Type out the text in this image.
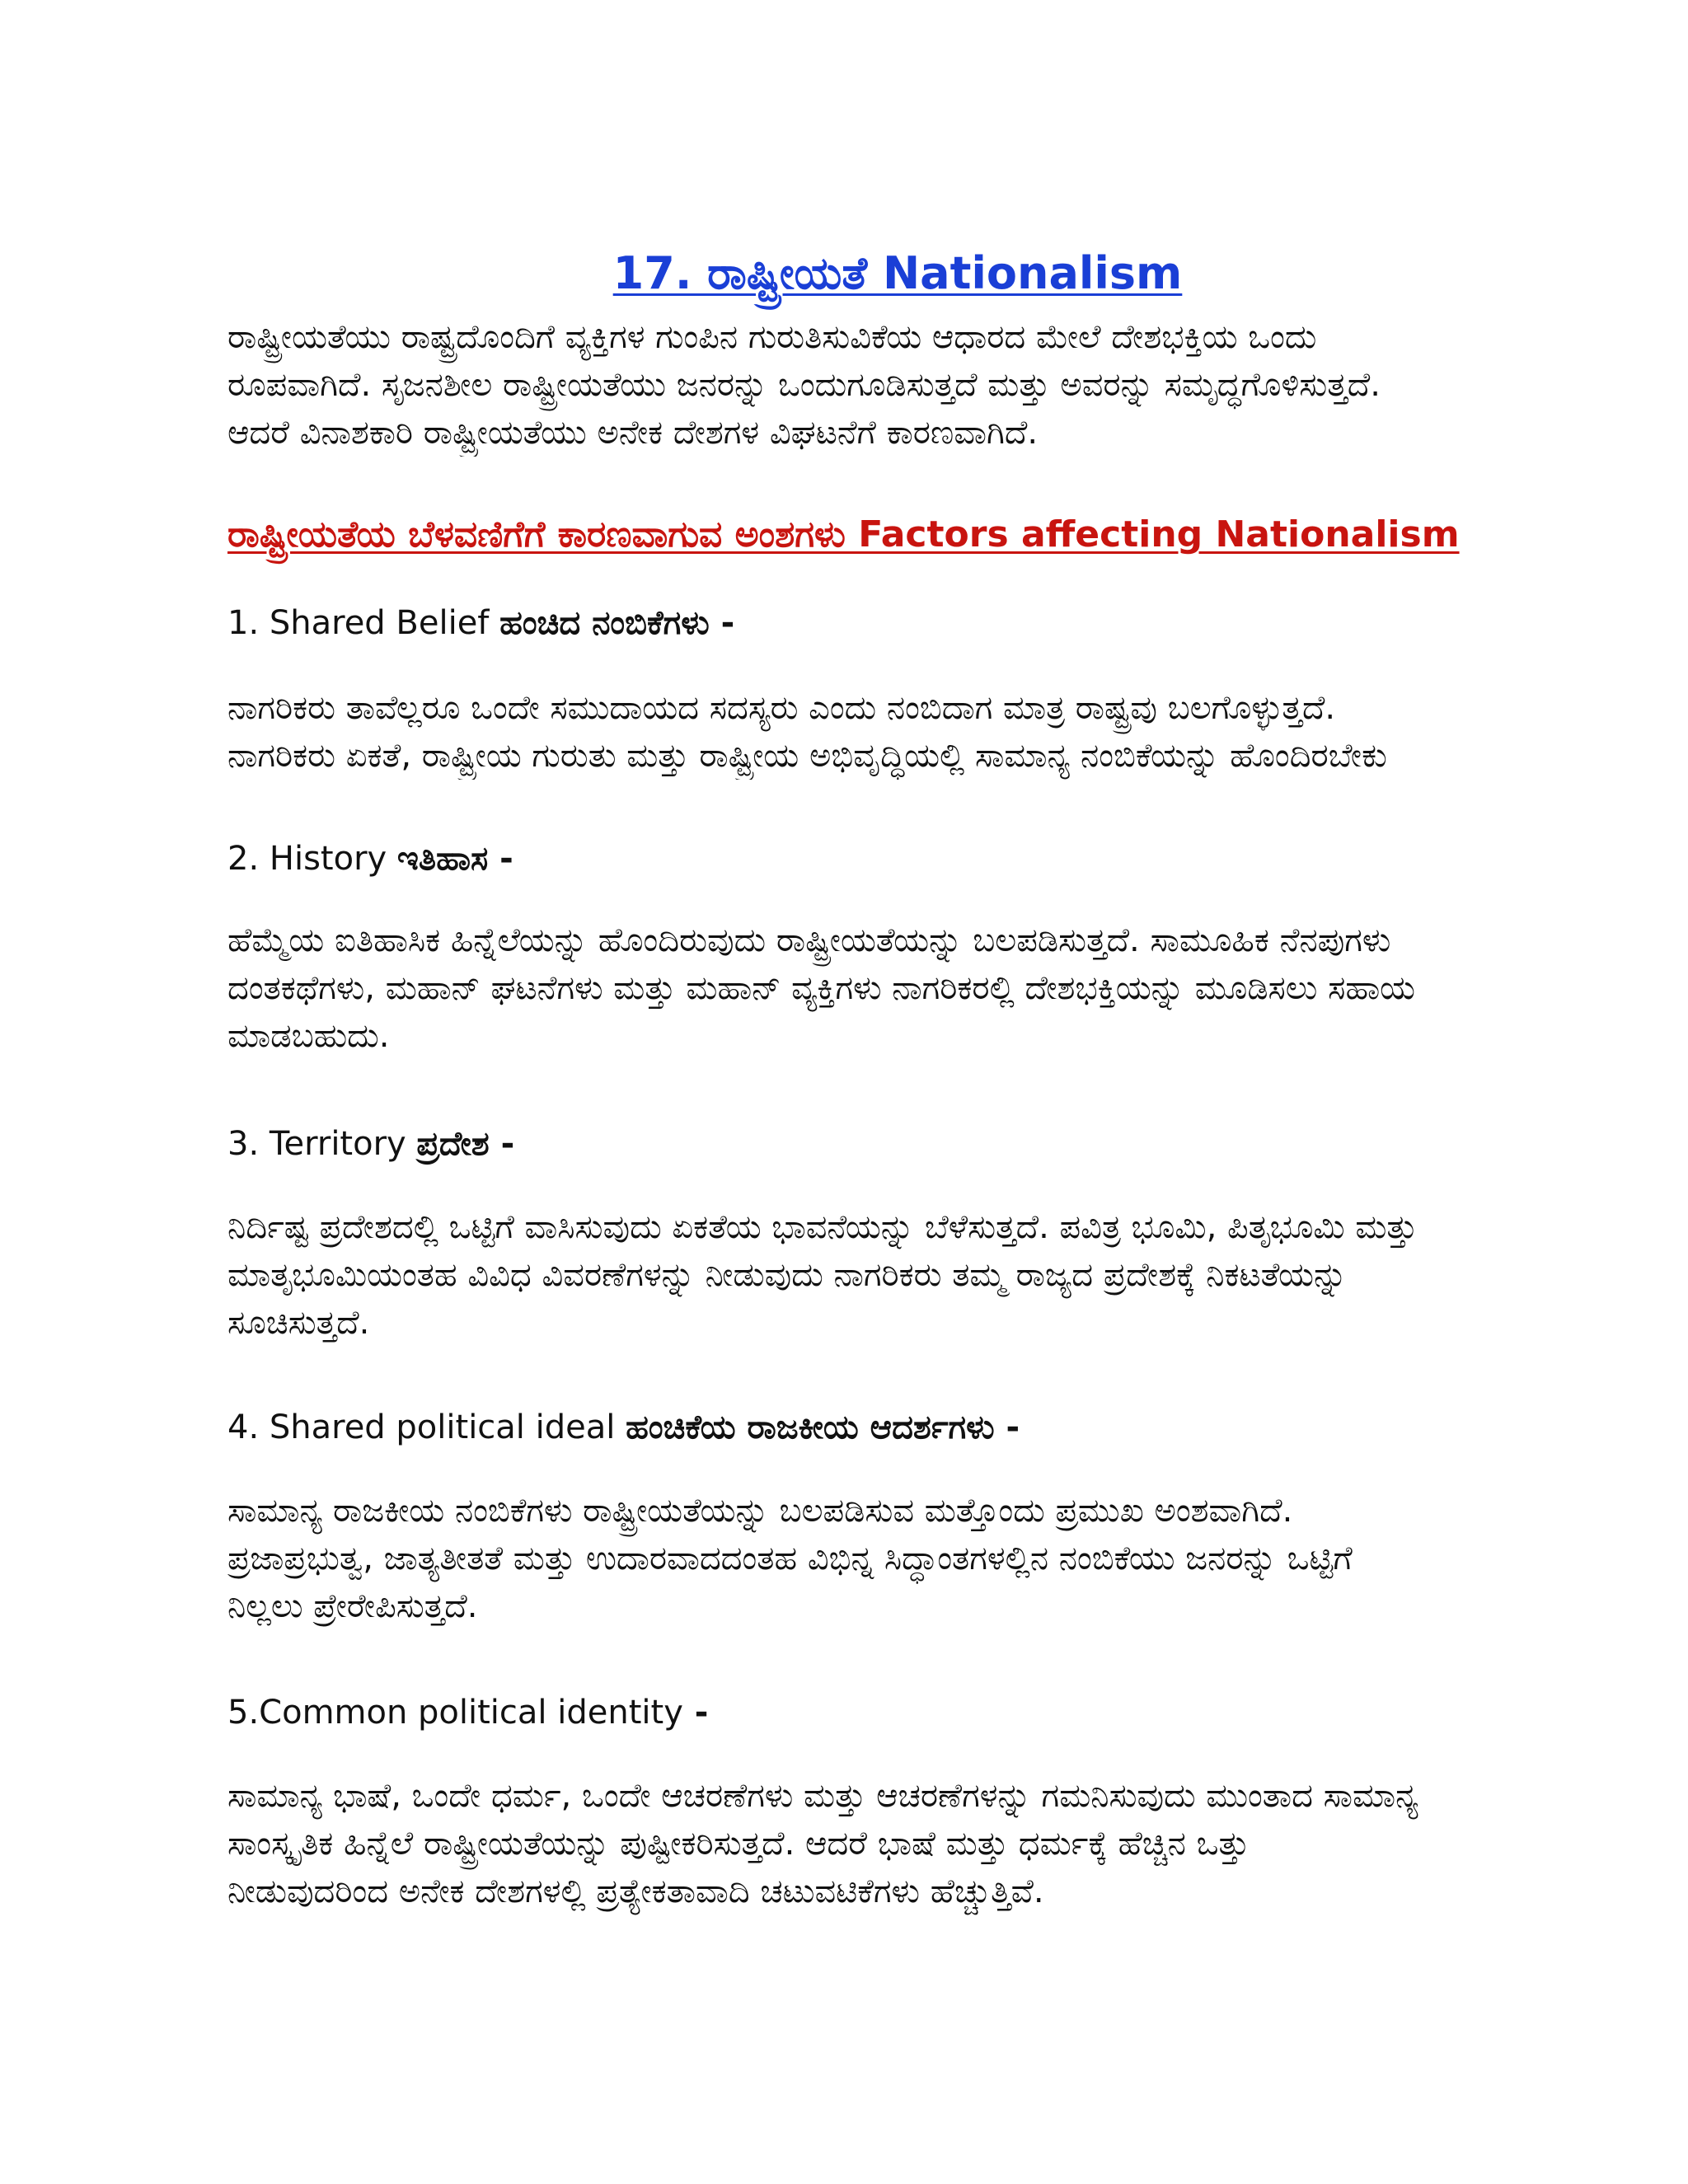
17. ರಾಷ್ಟ್ರೀಯತೆ Nationalism

ರಾಷ್ಟ್ರೀಯತೆಯು ರಾಷ್ಟ್ರದೊಂದಿಗೆ ವ್ಯಕ್ತಿಗಳ ಗುಂಪಿನ ಗುರುತಿಸುವಿಕೆಯ ಆಧಾರದ ಮೇಲೆ ದೇಶಭಕ್ತಿಯ ಒಂದು
ರೂಪವಾಗಿದೆ. ಸೃಜನಶೀಲ ರಾಷ್ಟ್ರೀಯತೆಯು ಜನರನ್ನು ಒಂದುಗೂಡಿಸುತ್ತದೆ ಮತ್ತು ಅವರನ್ನು ಸಮೃದ್ಧಗೊಳಿಸುತ್ತದೆ.
ಆದರೆ ವಿನಾಶಕಾರಿ ರಾಷ್ಟ್ರೀಯತೆಯು ಅನೇಕ ದೇಶಗಳ ವಿಘಟನೆಗೆ ಕಾರಣವಾಗಿದೆ.

ರಾಷ್ಟ್ರೀಯತೆಯ ಬೆಳವಣಿಗೆಗೆ ಕಾರಣವಾಗುವ ಅಂಶಗಳು Factors affecting Nationalism
1. Shared Belief ಹಂಚಿದ ನಂಬಿಕೆಗಳು -

ನಾಗರಿಕರು ತಾವೆಲ್ಲರೂ ಒಂದೇ ಸಮುದಾಯದ ಸದಸ್ಯರು ಎಂದು ನಂಬಿದಾಗ ಮಾತ್ರ ರಾಷ್ಟ್ರವು ಬಲಗೊಳ್ಳುತ್ತದೆ.
ನಾಗರಿಕರು ಏಕತೆ, ರಾಷ್ಟ್ರೀಯ ಗುರುತು ಮತ್ತು ರಾಷ್ಟ್ರೀಯ ಅಭಿವೃದ್ಧಿಯಲ್ಲಿ ಸಾಮಾನ್ಯ ನಂಬಿಕೆಯನ್ನು ಹೊಂದಿರಬೇಕು

2. History ಇತಿಹಾಸ -

ಹೆಮ್ಮೆಯ ಐತಿಹಾಸಿಕ ಹಿನ್ನೆಲೆಯನ್ನು ಹೊಂದಿರುವುದು ರಾಷ್ಟ್ರೀಯತೆಯನ್ನು ಬಲಪಡಿಸುತ್ತದೆ. ಸಾಮೂಹಿಕ ನೆನಪುಗಳು
ದಂತಕಥೆಗಳು, ಮಹಾನ್ ಘಟನೆಗಳು ಮತ್ತು ಮಹಾನ್ ವ್ಯಕ್ತಿಗಳು ನಾಗರಿಕರಲ್ಲಿ ದೇಶಭಕ್ತಿಯನ್ನು ಮೂಡಿಸಲು ಸಹಾಯ
ಮಾಡಬಹುದು.

3. Territory ಪ್ರದೇಶ -

ನಿರ್ದಿಷ್ಟ ಪ್ರದೇಶದಲ್ಲಿ ಒಟ್ಟಿಗೆ ವಾಸಿಸುವುದು ಏಕತೆಯ ಭಾವನೆಯನ್ನು ಬೆಳೆಸುತ್ತದೆ. ಪವಿತ್ರ ಭೂಮಿ, ಪಿತೃಭೂಮಿ ಮತ್ತು
ಮಾತೃಭೂಮಿಯಂತಹ ವಿವಿಧ ವಿವರಣೆಗಳನ್ನು ನೀಡುವುದು ನಾಗರಿಕರು ತಮ್ಮ ರಾಜ್ಯದ ಪ್ರದೇಶಕ್ಕೆ ನಿಕಟತೆಯನ್ನು
ಸೂಚಿಸುತ್ತದೆ.

4. Shared political ideal ಹಂಚಿಕೆಯ ರಾಜಕೀಯ ಆದರ್ಶಗಳು -

ಸಾಮಾನ್ಯ ರಾಜಕೀಯ ನಂಬಿಕೆಗಳು ರಾಷ್ಟ್ರೀಯತೆಯನ್ನು ಬಲಪಡಿಸುವ ಮತ್ತೊಂದು ಪ್ರಮುಖ ಅಂಶವಾಗಿದೆ.
ಪ್ರಜಾಪ್ರಭುತ್ವ, ಜಾತ್ಯತೀತತೆ ಮತ್ತು ಉದಾರವಾದದಂತಹ ವಿಭಿನ್ನ ಸಿದ್ಧಾಂತಗಳಲ್ಲಿನ ನಂಬಿಕೆಯು ಜನರನ್ನು ಒಟ್ಟಿಗೆ
ನಿಲ್ಲಲು ಪ್ರೇರೇಪಿಸುತ್ತದೆ.

5.Common political identity -

ಸಾಮಾನ್ಯ ಭಾಷೆ, ಒಂದೇ ಧರ್ಮ, ಒಂದೇ ಆಚರಣೆಗಳು ಮತ್ತು ಆಚರಣೆಗಳನ್ನು ಗಮನಿಸುವುದು ಮುಂತಾದ ಸಾಮಾನ್ಯ
ಸಾಂಸ್ಕೃತಿಕ ಹಿನ್ನೆಲೆ ರಾಷ್ಟ್ರೀಯತೆಯನ್ನು ಪುಷ್ಟೀಕರಿಸುತ್ತದೆ. ಆದರೆ ಭಾಷೆ ಮತ್ತು ಧರ್ಮಕ್ಕೆ ಹೆಚ್ಚಿನ ಒತ್ತು
ನೀಡುವುದರಿಂದ ಅನೇಕ ದೇಶಗಳಲ್ಲಿ ಪ್ರತ್ಯೇಕತಾವಾದಿ ಚಟುವಟಿಕೆಗಳು ಹೆಚ್ಚುತ್ತಿವೆ.
